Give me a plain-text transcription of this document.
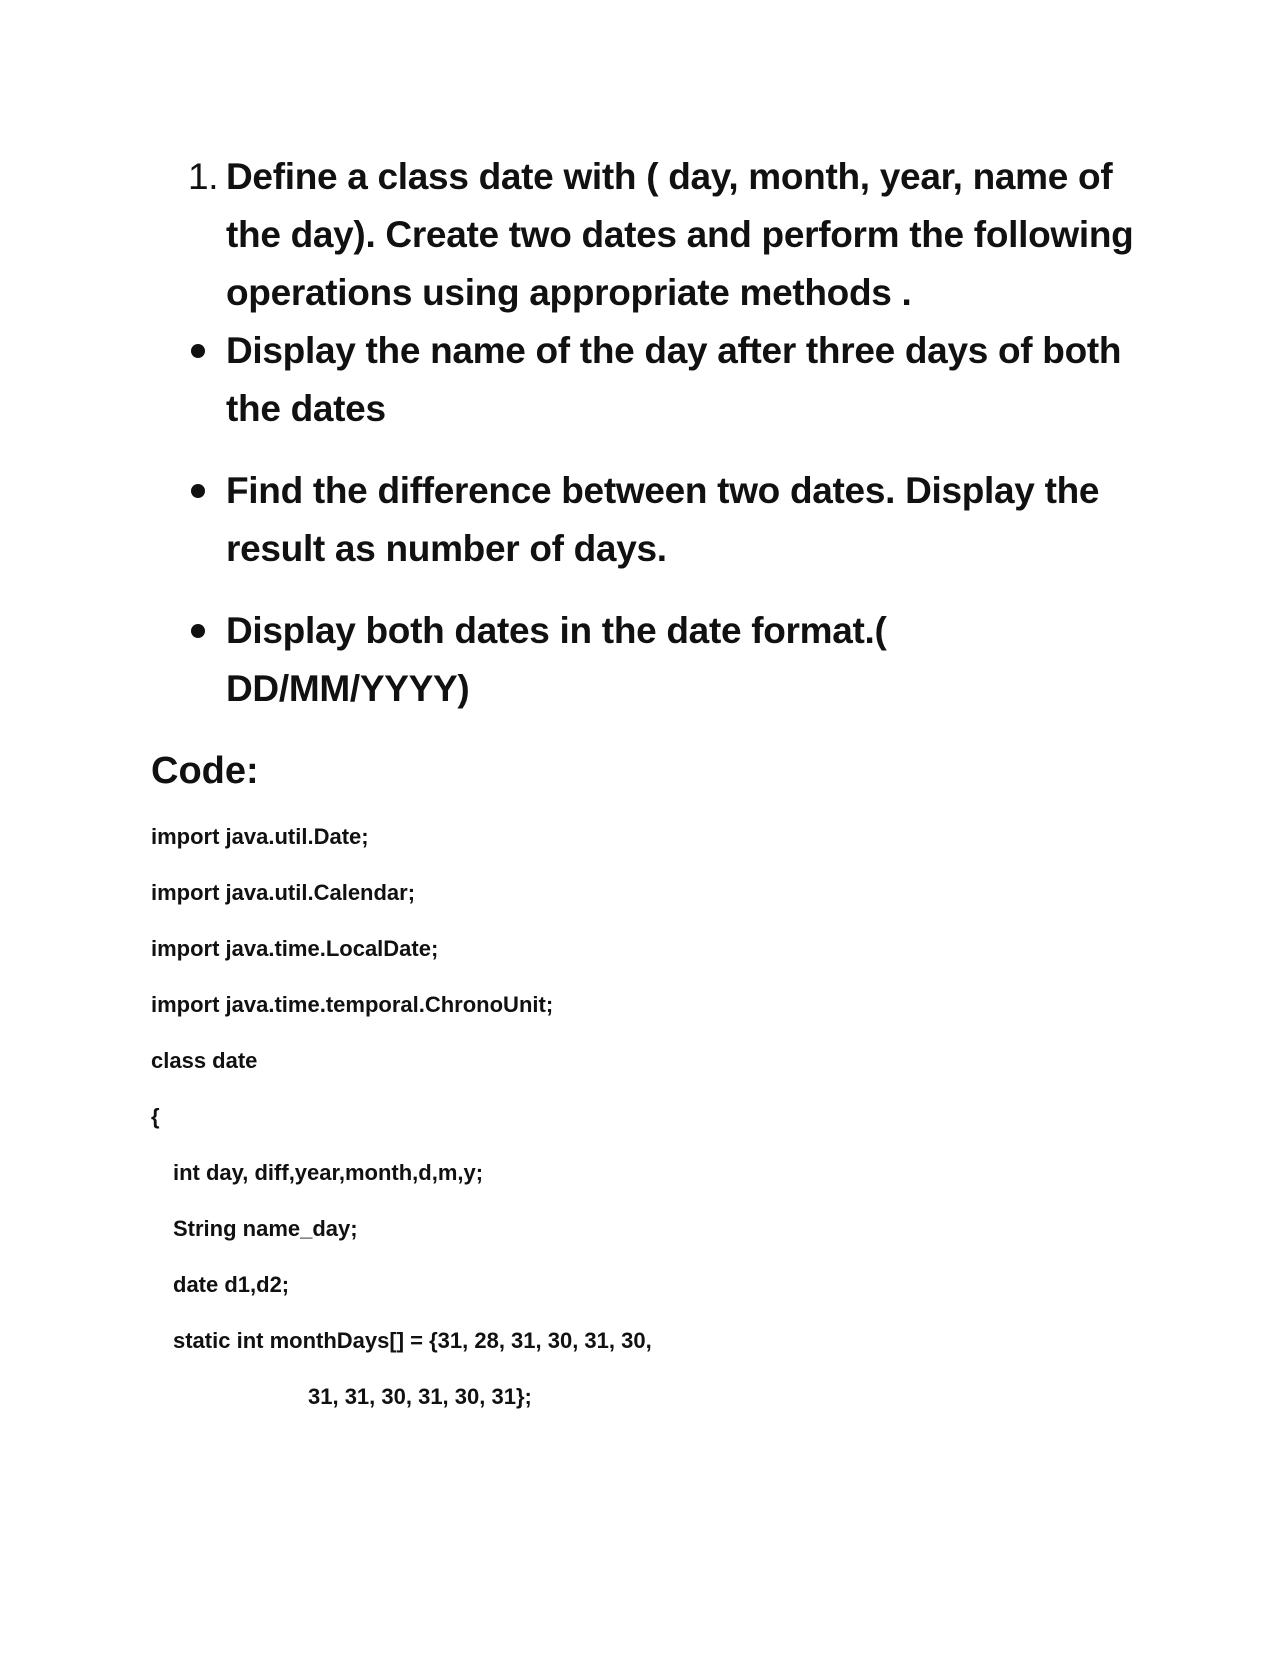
1. Define a class date with ( day, month, year, name of the day). Create two dates and perform the following operations using appropriate methods .
Display the name of the day after three days of both the dates
Find the difference between two dates. Display the result as number of days.
Display both dates in the date format.( DD/MM/YYYY)
Code:
import java.util.Date;
import java.util.Calendar;
import java.time.LocalDate;
import java.time.temporal.ChronoUnit;
class date
{
int day, diff,year,month,d,m,y;
String name_day;
date d1,d2;
static int monthDays[] = {31, 28, 31, 30, 31, 30,
31, 31, 30, 31, 30, 31};
